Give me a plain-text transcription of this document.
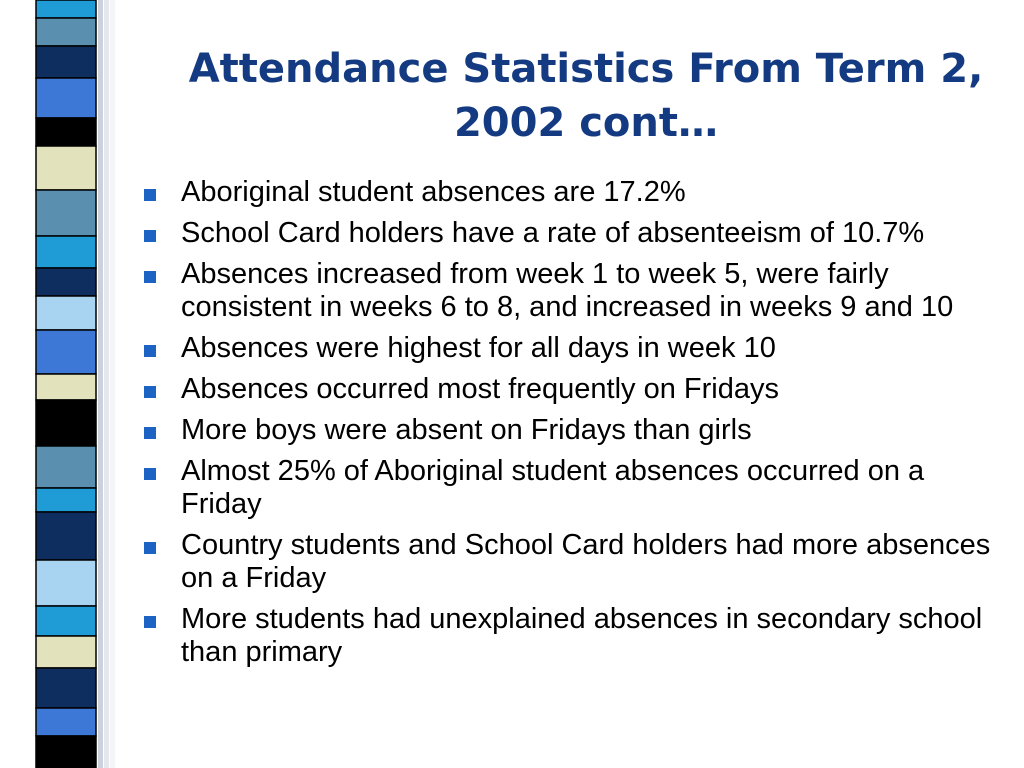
Attendance Statistics From Term 2, 2002 cont…
Aboriginal student absences are 17.2%
School Card holders have a rate of absenteeism of 10.7%
Absences increased from week 1 to week 5, were fairly consistent in weeks 6 to 8, and increased in weeks 9 and 10
Absences were highest for all days in week 10
Absences occurred most frequently on Fridays
More boys were absent on Fridays than girls
Almost 25% of Aboriginal student absences occurred on a Friday
Country students and School Card holders had more absences on a Friday
More students had unexplained absences in secondary school than primary
